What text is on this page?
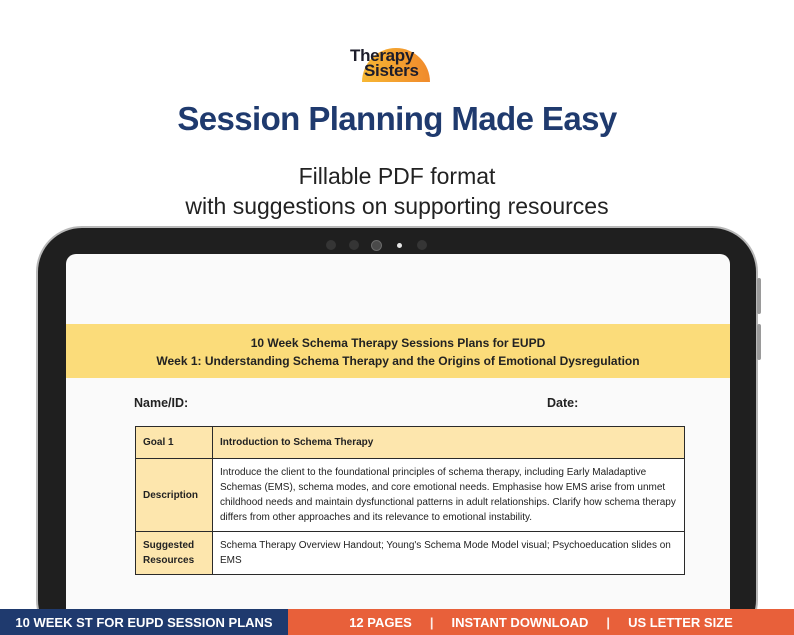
Therapy
Sisters
Session Planning Made Easy
Fillable PDF format
with suggestions on supporting resources
10 Week Schema Therapy Sessions Plans for EUPD
Week 1: Understanding Schema Therapy and the Origins of Emotional Dysregulation
Name/ID:	Date:
Goal 1	Introduction to Schema Therapy
Description	Introduce the client to the foundational principles of schema therapy, including Early Maladaptive Schemas (EMS), schema modes, and core emotional needs. Emphasise how EMS arise from unmet childhood needs and maintain dysfunctional patterns in adult relationships. Clarify how schema therapy differs from other approaches and its relevance to emotional instability.
Suggested Resources	Schema Therapy Overview Handout; Young's Schema Mode Model visual; Psychoeducation slides on EMS
10 WEEK ST FOR EUPD SESSION PLANS	12 PAGES | INSTANT DOWNLOAD | US LETTER SIZE
